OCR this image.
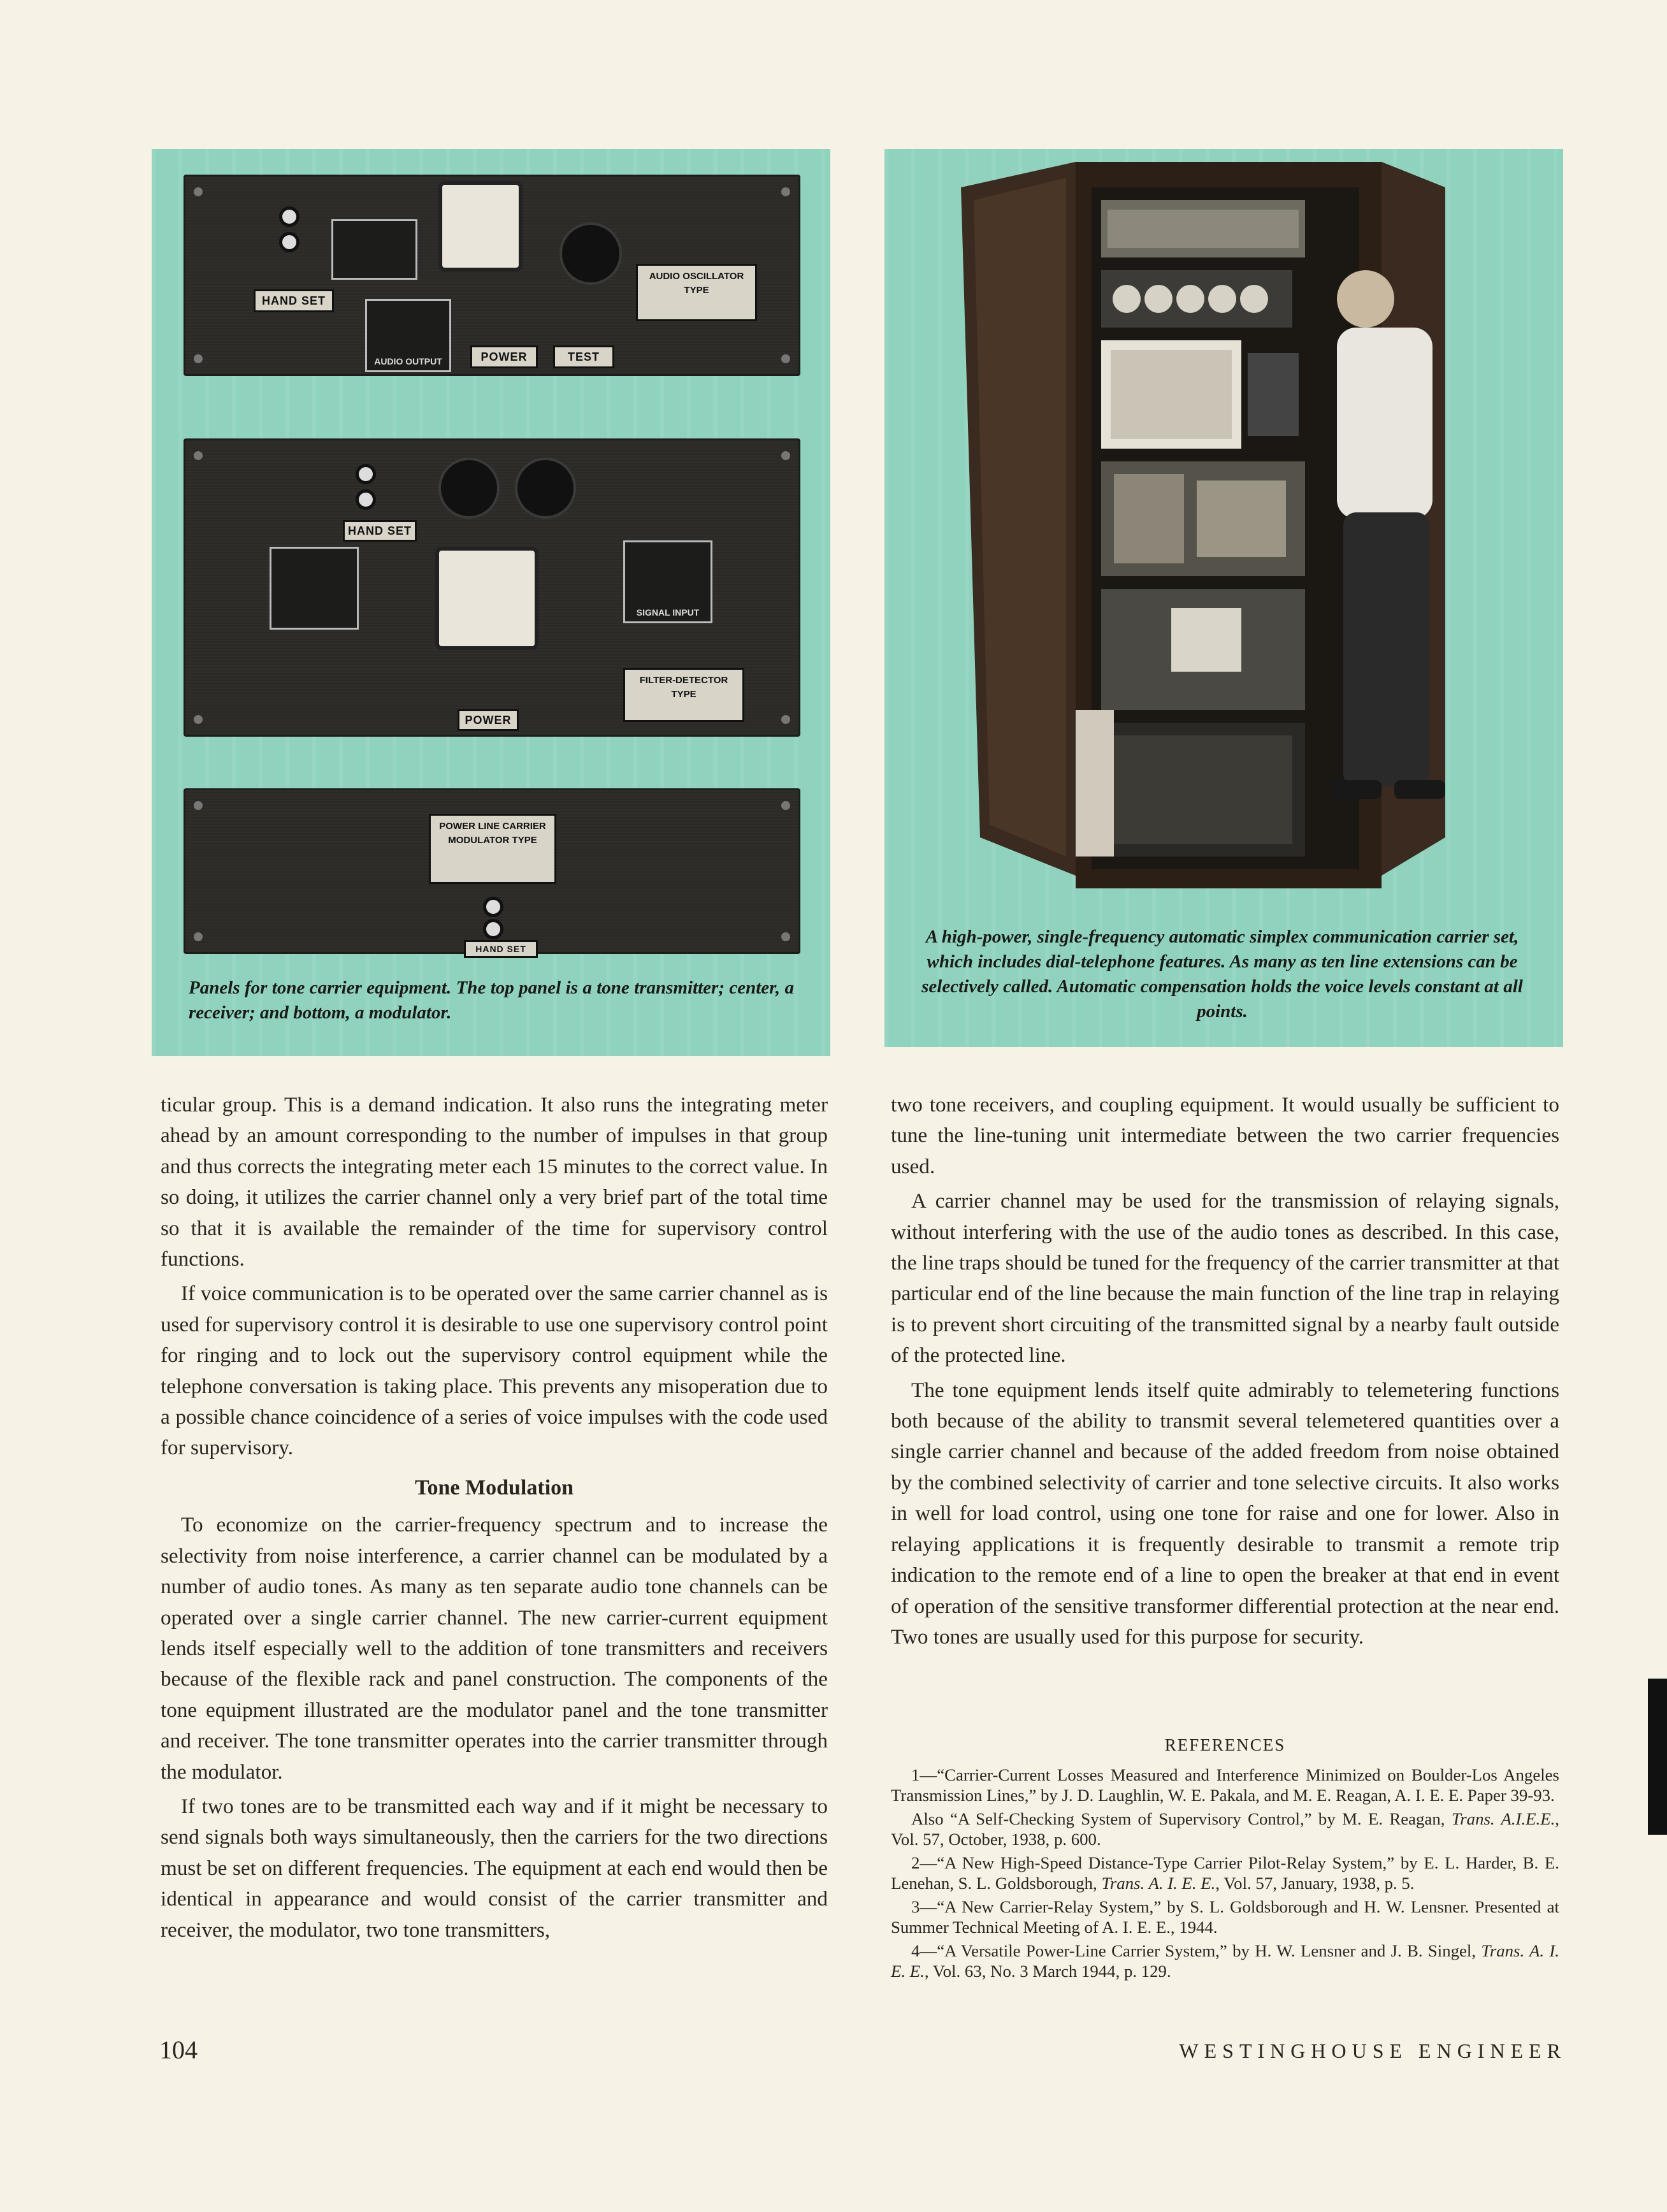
HAND SET
AUDIO OSCILLATOR TYPE
AUDIO OUTPUT	POWER	TEST
HAND SET
SIGNAL INPUT
FILTER-DETECTOR TYPE
POWER
POWER LINE CARRIER
MODULATOR TYPE
HAND SET
Panels for tone carrier equipment. The top panel is a tone transmitter; center, a receiver; and bottom, a modulator.
A high-power, single-frequency automatic simplex communication carrier set, which includes dial-telephone features. As many as ten line extensions can be selectively called. Automatic compensation holds the voice levels constant at all points.

ticular group. This is a demand indication. It also runs the integrating meter ahead by an amount corresponding to the number of impulses in that group and thus corrects the integrating meter each 15 minutes to the correct value. In so doing, it utilizes the carrier channel only a very brief part of the total time so that it is available the remainder of the time for supervisory control functions.

If voice communication is to be operated over the same carrier channel as is used for supervisory control it is desirable to use one supervisory control point for ringing and to lock out the supervisory control equipment while the telephone conversation is taking place. This prevents any misoperation due to a possible chance coincidence of a series of voice impulses with the code used for supervisory.

Tone Modulation

To economize on the carrier-frequency spectrum and to increase the selectivity from noise interference, a carrier channel can be modulated by a number of audio tones. As many as ten separate audio tone channels can be operated over a single carrier channel. The new carrier-current equipment lends itself especially well to the addition of tone transmitters and receivers because of the flexible rack and panel construction. The components of the tone equipment illustrated are the modulator panel and the tone transmitter and receiver. The tone transmitter operates into the carrier transmitter through the modulator.

If two tones are to be transmitted each way and if it might be necessary to send signals both ways simultaneously, then the carriers for the two directions must be set on different frequencies. The equipment at each end would then be identical in appearance and would consist of the carrier transmitter and receiver, the modulator, two tone transmitters,

two tone receivers, and coupling equipment. It would usually be sufficient to tune the line-tuning unit intermediate between the two carrier frequencies used.

A carrier channel may be used for the transmission of relaying signals, without interfering with the use of the audio tones as described. In this case, the line traps should be tuned for the frequency of the carrier transmitter at that particular end of the line because the main function of the line trap in relaying is to prevent short circuiting of the transmitted signal by a nearby fault outside of the protected line.

The tone equipment lends itself quite admirably to telemetering functions both because of the ability to transmit several telemetered quantities over a single carrier channel and because of the added freedom from noise obtained by the combined selectivity of carrier and tone selective circuits. It also works in well for load control, using one tone for raise and one for lower. Also in relaying applications it is frequently desirable to transmit a remote trip indication to the remote end of a line to open the breaker at that end in event of operation of the sensitive transformer differential protection at the near end. Two tones are usually used for this purpose for security.

REFERENCES

1—“Carrier-Current Losses Measured and Interference Minimized on Boulder-Los Angeles Transmission Lines,” by J. D. Laughlin, W. E. Pakala, and M. E. Reagan, A. I. E. E. Paper 39-93.

Also “A Self-Checking System of Supervisory Control,” by M. E. Reagan, Trans. A.I.E.E., Vol. 57, October, 1938, p. 600.

2—“A New High-Speed Distance-Type Carrier Pilot-Relay System,” by E. L. Harder, B. E. Lenehan, S. L. Goldsborough, Trans. A. I. E. E., Vol. 57, January, 1938, p. 5.

3—“A New Carrier-Relay System,” by S. L. Goldsborough and H. W. Lensner. Presented at Summer Technical Meeting of A. I. E. E., 1944.

4—“A Versatile Power-Line Carrier System,” by H. W. Lensner and J. B. Singel, Trans. A. I. E. E., Vol. 63, No. 3 March 1944, p. 129.

104	WESTINGHOUSE ENGINEER
